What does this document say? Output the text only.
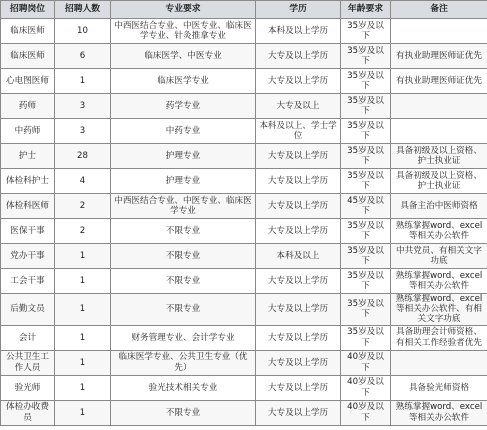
招聘岗位	招聘人数	专业要求	学历	年龄要求	备注
临床医师	10	中西医结合专业、中医专业、临床医学专业、针灸推拿专业	本科及以上学历	35岁及以下	
临床医师	6	临床医学、中医专业	大专及以上学历	35岁及以下	有执业助理医师证优先
心电图医师	1	临床医学专业	大专及以上学历	35岁及以下	有执业助理医师证优先
药师	3	药学专业	大专及以上	35岁及以下	
中药师	3	中药专业	本科及以上、学士学位	35岁及以下	
护士	28	护理专业	大专及以上学历	35岁及以下	具备初级及以上资格、护士执业证
体检科护士	4	护理专业	大专及以上学历	35岁及以下	具备初级及以上资格、护士执业证
体检科医师	2	中西医结合专业、中医专业、临床医学专业	大专及以上学历	45岁及以下	具备主治中医师资格
医保干事	2	不限专业	大专及以上学历	35岁及以下	熟练掌握word、excel等相关办公软件
党办干事	1	不限专业	本科及以上	35岁及以下	中共党员、有相关文字功底
工会干事	1	不限专业	大专及以上学历	35岁及以下	熟练掌握word、excel等相关办公软件
后勤文员	1	不限专业	大专及以上学历	35岁及以下	熟练掌握word、excel等相关办公软件、有相关文字功底
会计	1	财务管理专业、会计学专业	大专及以上学历	35岁及以下	具备助理会计师资格、有相关工作经验者优先
公共卫生工作人员	1	临床医学专业、公共卫生专业（优先）	大专及以上学历	40岁及以下	
验光师	1	验光技术相关专业	大专及以上学历	40岁及以下	具备验光师资格
体检办收费员	1	不限专业	大专及以上学历	40岁及以下	熟练掌握word、excel等相关办公软件
